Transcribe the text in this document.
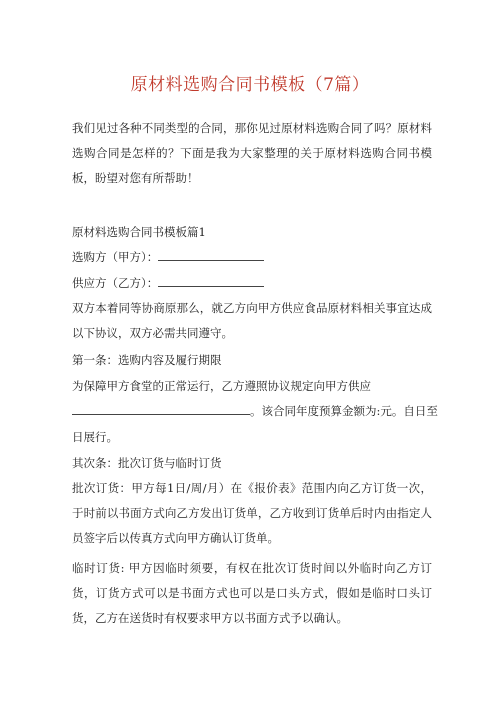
原材料选购合同书模板（7篇）
我们见过各种不同类型的合同，那你见过原材料选购合同了吗？原材料选购合同是怎样的？下面是我为大家整理的关于原材料选购合同书模板，盼望对您有所帮助！
原材料选购合同书模板篇1
选购方（甲方）：
供应方（乙方）：
双方本着同等协商原那么，就乙方向甲方供应食品原材料相关事宜达成以下协议，双方必需共同遵守。
第一条：选购内容及履行期限
为保障甲方食堂的正常运行，乙方遵照协议规定向甲方供应
。该合同年度预算金额为:元。自日至
日展行。
其次条：批次订货与临时订货
批次订货：甲方每1日/周/月）在《报价表》范围内向乙方订货一次，于时前以书面方式向乙方发出订货单，乙方收到订货单后时内由指定人员签字后以传真方式向甲方确认订货单。
临时订货: 甲方因临时须要，有权在批次订货时间以外临时向乙方订货，订货方式可以是书面方式也可以是口头方式，假如是临时口头订货，乙方在送货时有权要求甲方以书面方式予以确认。
